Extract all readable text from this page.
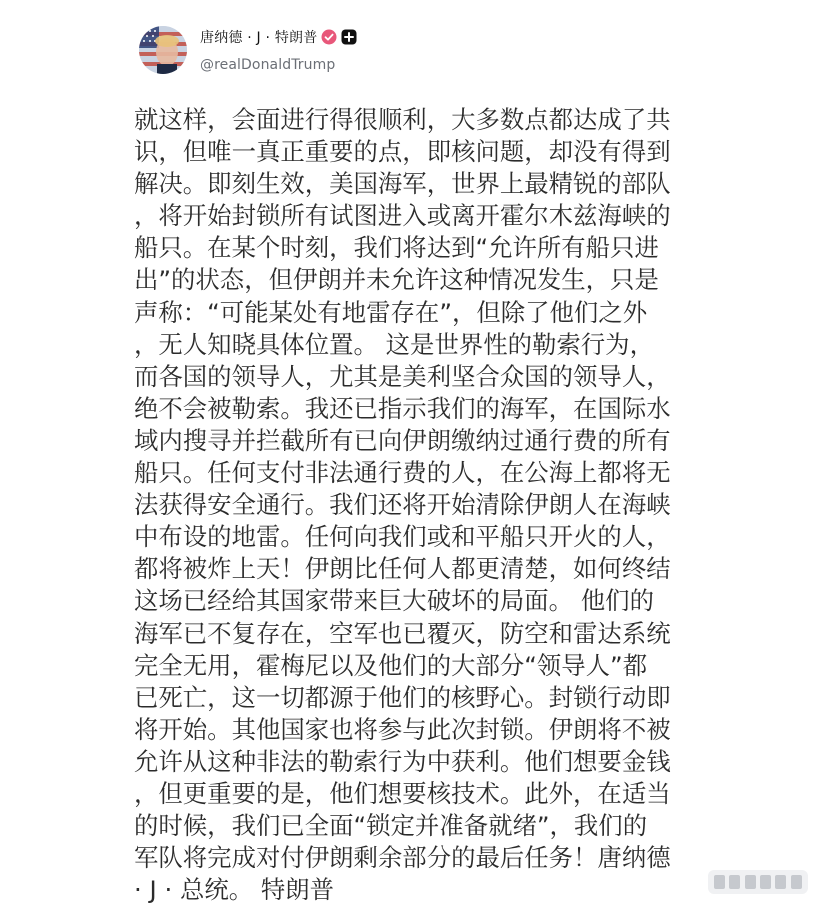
唐纳德 · J · 特朗普
@realDonaldTrump
就这样，会面进行得很顺利，大多数点都达成了共
识，但唯一真正重要的点，即核问题，却没有得到
解决。即刻生效，美国海军，世界上最精锐的部队
，将开始封锁所有试图进入或离开霍尔木兹海峡的
船只。在某个时刻，我们将达到“允许所有船只进
出”的状态，但伊朗并未允许这种情况发生，只是
声称：“可能某处有地雷存在”，但除了他们之外
，无人知晓具体位置。 这是世界性的勒索行为，
而各国的领导人，尤其是美利坚合众国的领导人，
绝不会被勒索。我还已指示我们的海军，在国际水
域内搜寻并拦截所有已向伊朗缴纳过通行费的所有
船只。任何支付非法通行费的人，在公海上都将无
法获得安全通行。我们还将开始清除伊朗人在海峡
中布设的地雷。任何向我们或和平船只开火的人，
都将被炸上天！伊朗比任何人都更清楚，如何终结
这场已经给其国家带来巨大破坏的局面。 他们的
海军已不复存在，空军也已覆灭，防空和雷达系统
完全无用，霍梅尼以及他们的大部分“领导人”都
已死亡，这一切都源于他们的核野心。封锁行动即
将开始。其他国家也将参与此次封锁。伊朗将不被
允许从这种非法的勒索行为中获利。他们想要金钱
，但更重要的是，他们想要核技术。此外，在适当
的时候，我们已全面“锁定并准备就绪”，我们的
军队将完成对付伊朗剩余部分的最后任务！唐纳德
· J · 总统。 特朗普
